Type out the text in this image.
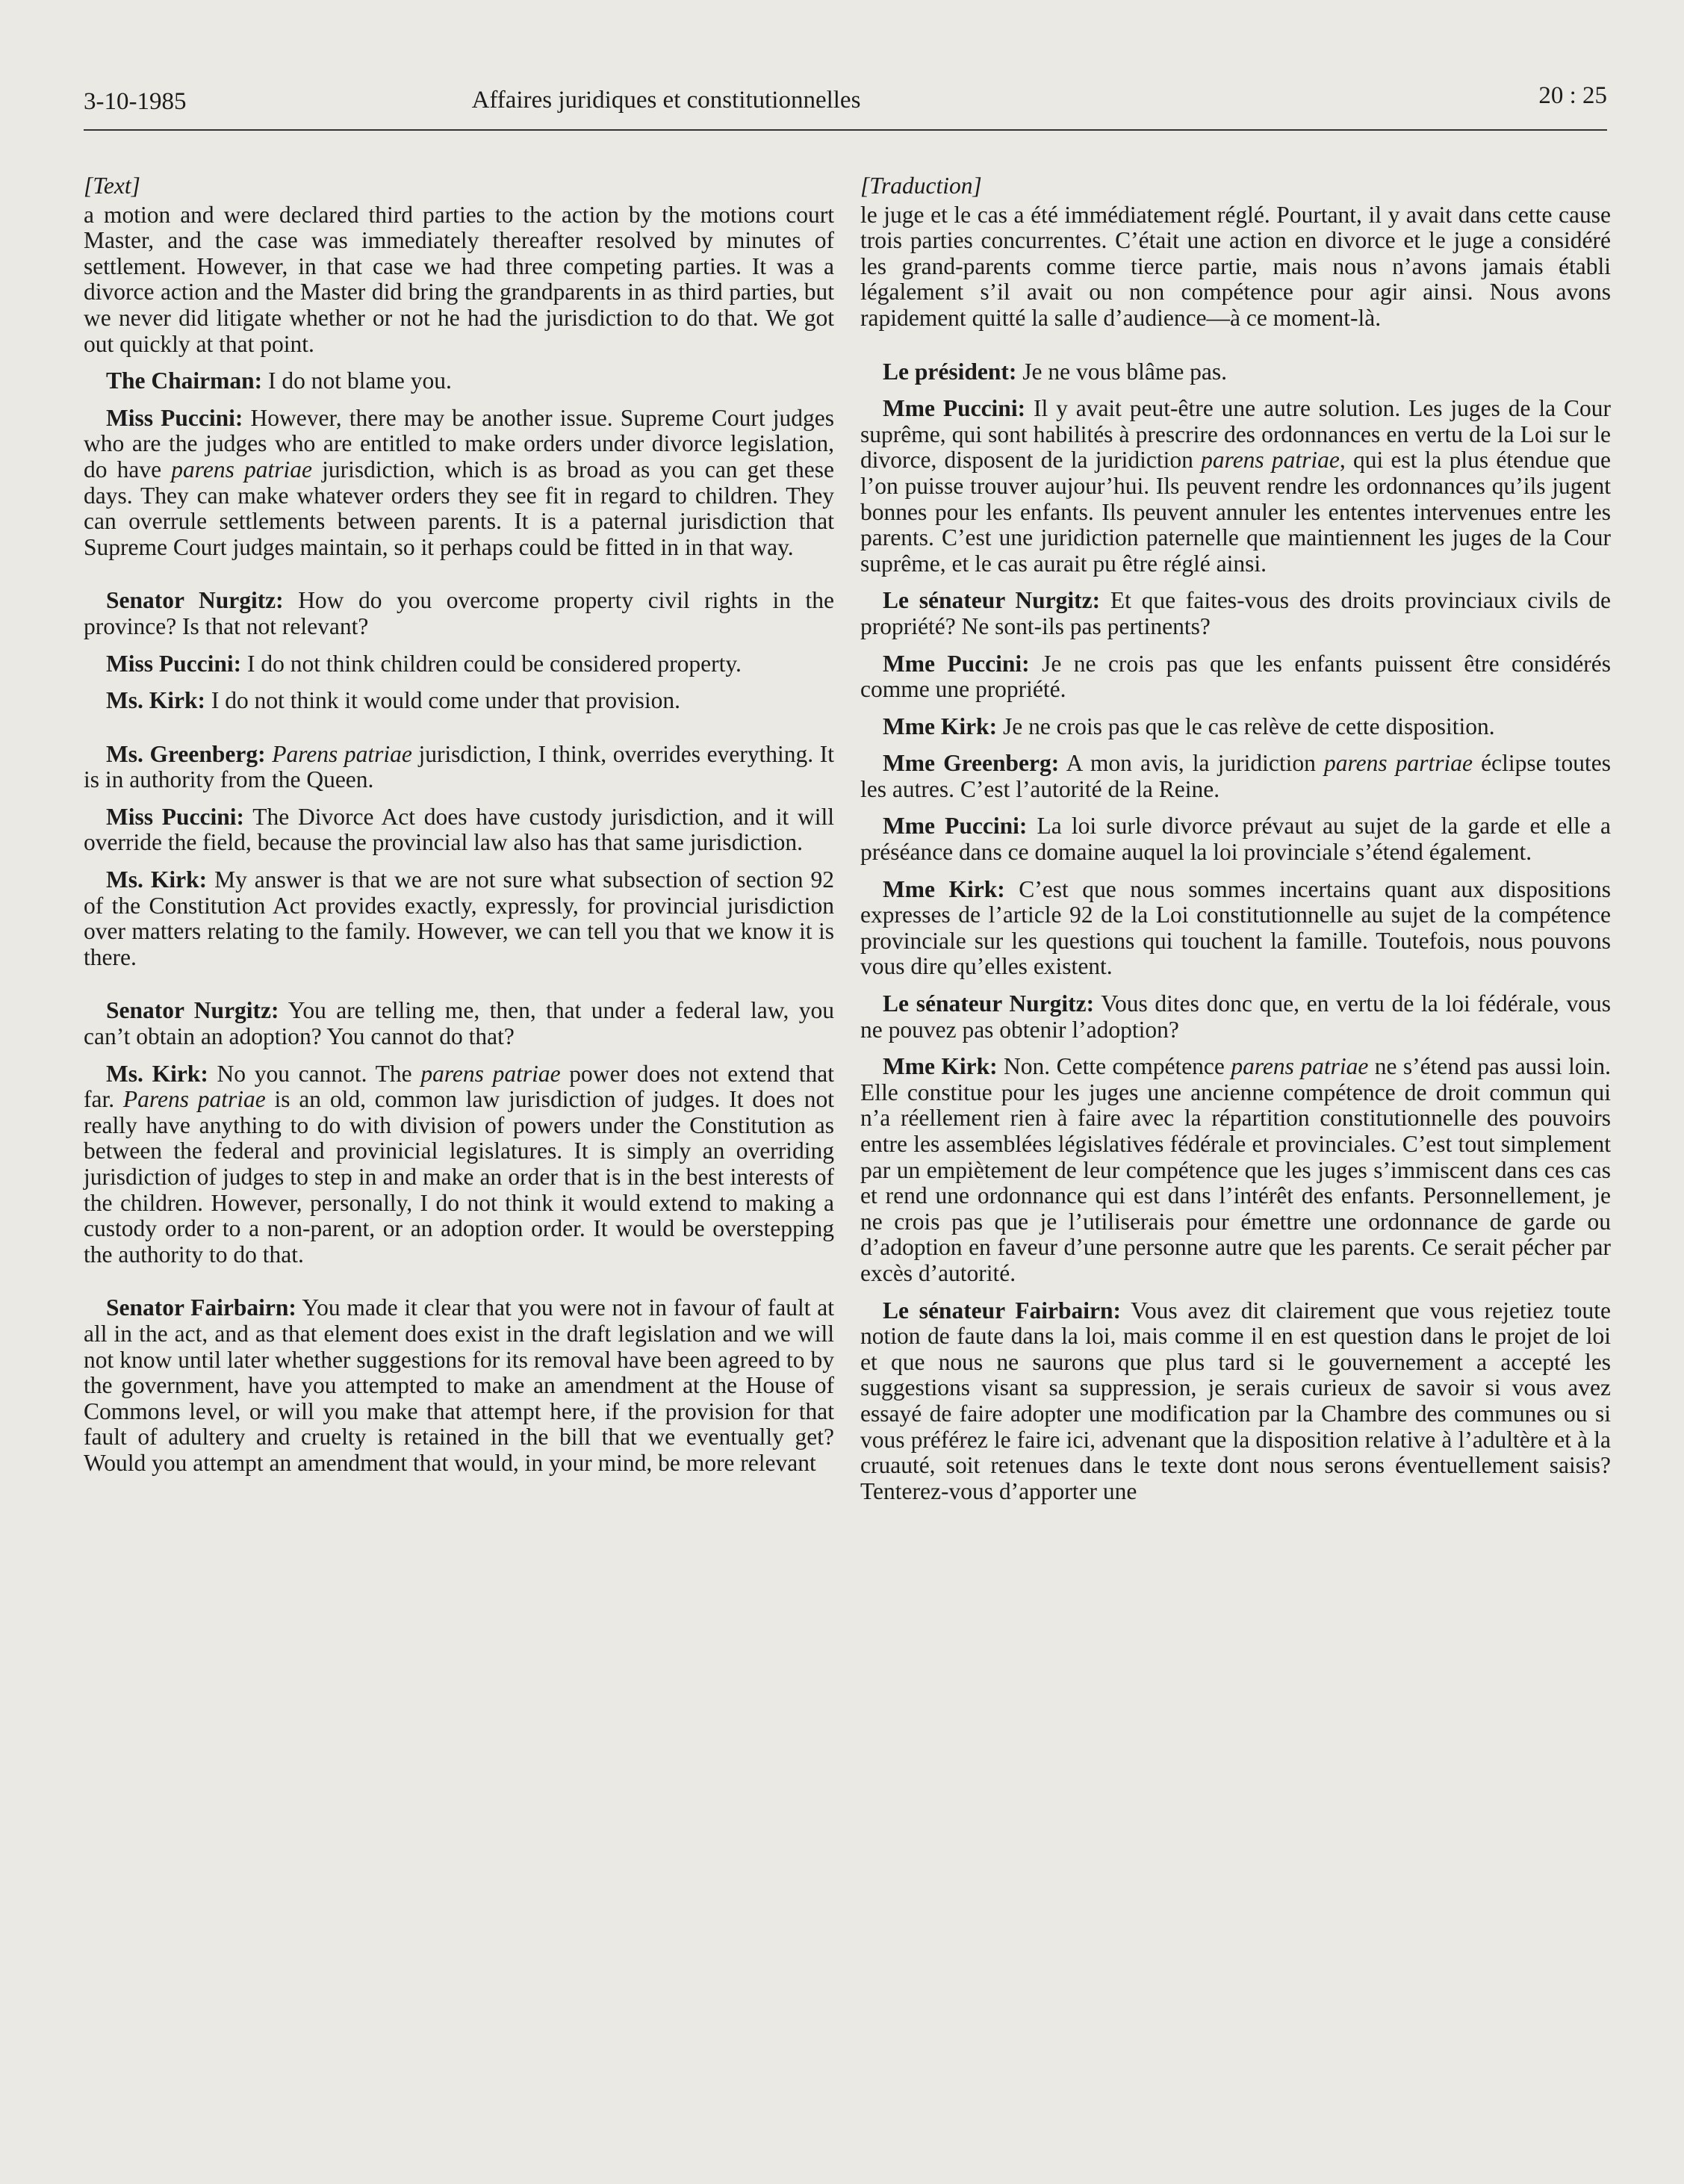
3-10-1985	Affaires juridiques et constitutionnelles	20 : 25
[Text]

a motion and were declared third parties to the action by the motions court Master, and the case was immediately thereafter resolved by minutes of settlement. However, in that case we had three competing parties. It was a divorce action and the Master did bring the grandparents in as third parties, but we never did litigate whether or not he had the jurisdiction to do that. We got out quickly at that point.

The Chairman: I do not blame you.

Miss Puccini: However, there may be another issue. Supreme Court judges who are the judges who are entitled to make orders under divorce legislation, do have parens patriae jurisdiction, which is as broad as you can get these days. They can make whatever orders they see fit in regard to children. They can overrule settlements between parents. It is a paternal jurisdiction that Supreme Court judges maintain, so it perhaps could be fitted in in that way.

Senator Nurgitz: How do you overcome property civil rights in the province? Is that not relevant?

Miss Puccini: I do not think children could be considered property.

Ms. Kirk: I do not think it would come under that provision.

Ms. Greenberg: Parens patriae jurisdiction, I think, overrides everything. It is in authority from the Queen.

Miss Puccini: The Divorce Act does have custody jurisdiction, and it will override the field, because the provincial law also has that same jurisdiction.

Ms. Kirk: My answer is that we are not sure what subsection of section 92 of the Constitution Act provides exactly, expressly, for provincial jurisdiction over matters relating to the family. However, we can tell you that we know it is there.

Senator Nurgitz: You are telling me, then, that under a federal law, you can’t obtain an adoption? You cannot do that?

Ms. Kirk: No you cannot. The parens patriae power does not extend that far. Parens patriae is an old, common law jurisdiction of judges. It does not really have anything to do with division of powers under the Constitution as between the federal and provinicial legislatures. It is simply an overriding jurisdiction of judges to step in and make an order that is in the best interests of the children. However, personally, I do not think it would extend to making a custody order to a non-parent, or an adoption order. It would be overstepping the authority to do that.

Senator Fairbairn: You made it clear that you were not in favour of fault at all in the act, and as that element does exist in the draft legislation and we will not know until later whether suggestions for its removal have been agreed to by the government, have you attempted to make an amendment at the House of Commons level, or will you make that attempt here, if the provision for that fault of adultery and cruelty is retained in the bill that we eventually get? Would you attempt an amendment that would, in your mind, be more relevant

[Traduction]

le juge et le cas a été immédiatement réglé. Pourtant, il y avait dans cette cause trois parties concurrentes. C’était une action en divorce et le juge a considéré les grand-parents comme tierce partie, mais nous n’avons jamais établi légalement s’il avait ou non compétence pour agir ainsi. Nous avons rapidement quitté la salle d’audience—à ce moment-là.

Le président: Je ne vous blâme pas.

Mme Puccini: Il y avait peut-être une autre solution. Les juges de la Cour suprême, qui sont habilités à prescrire des ordonnances en vertu de la Loi sur le divorce, disposent de la juridiction parens patriae, qui est la plus étendue que l’on puisse trouver aujour’hui. Ils peuvent rendre les ordonnances qu’ils jugent bonnes pour les enfants. Ils peuvent annuler les ententes intervenues entre les parents. C’est une juridiction paternelle que maintiennent les juges de la Cour suprême, et le cas aurait pu être réglé ainsi.

Le sénateur Nurgitz: Et que faites-vous des droits provinciaux civils de propriété? Ne sont-ils pas pertinents?

Mme Puccini: Je ne crois pas que les enfants puissent être considérés comme une propriété.

Mme Kirk: Je ne crois pas que le cas relève de cette disposition.

Mme Greenberg: A mon avis, la juridiction parens partriae éclipse toutes les autres. C’est l’autorité de la Reine.

Mme Puccini: La loi surle divorce prévaut au sujet de la garde et elle a préséance dans ce domaine auquel la loi provinciale s’étend également.

Mme Kirk: C’est que nous sommes incertains quant aux dispositions expresses de l’article 92 de la Loi constitutionnelle au sujet de la compétence provinciale sur les questions qui touchent la famille. Toutefois, nous pouvons vous dire qu’elles existent.

Le sénateur Nurgitz: Vous dites donc que, en vertu de la loi fédérale, vous ne pouvez pas obtenir l’adoption?

Mme Kirk: Non. Cette compétence parens patriae ne s’étend pas aussi loin. Elle constitue pour les juges une ancienne compétence de droit commun qui n’a réellement rien à faire avec la répartition constitutionnelle des pouvoirs entre les assemblées législatives fédérale et provinciales. C’est tout simplement par un empiètement de leur compétence que les juges s’immiscent dans ces cas et rend une ordonnance qui est dans l’intérêt des enfants. Personnellement, je ne crois pas que je l’utiliserais pour émettre une ordonnance de garde ou d’adoption en faveur d’une personne autre que les parents. Ce serait pécher par excès d’autorité.

Le sénateur Fairbairn: Vous avez dit clairement que vous rejetiez toute notion de faute dans la loi, mais comme il en est question dans le projet de loi et que nous ne saurons que plus tard si le gouvernement a accepté les suggestions visant sa suppression, je serais curieux de savoir si vous avez essayé de faire adopter une modification par la Chambre des communes ou si vous préférez le faire ici, advenant que la disposition relative à l’adultère et à la cruauté, soit retenues dans le texte dont nous serons éventuellement saisis? Tenterez-vous d’apporter une
